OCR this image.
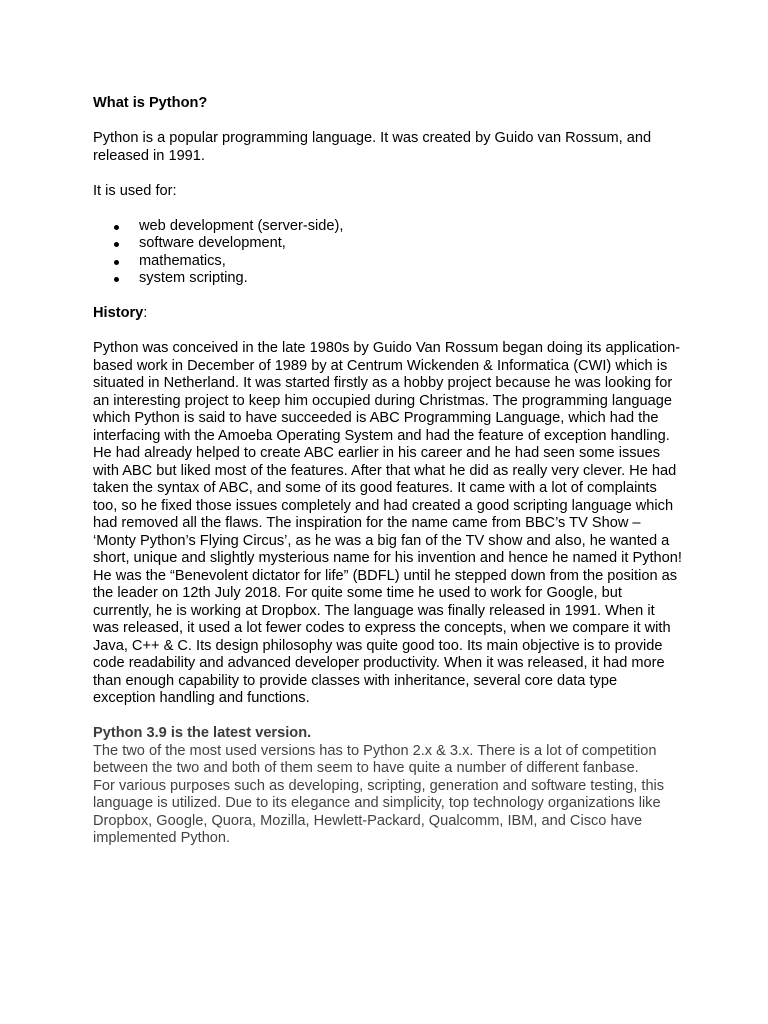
What is Python?

Python is a popular programming language. It was created by Guido van Rossum, and released in 1991.

It is used for:

web development (server-side),
software development,
mathematics,
system scripting.

History:

Python was conceived in the late 1980s by Guido Van Rossum began doing its application-based work in December of 1989 by at Centrum Wickenden & Informatica (CWI) which is situated in Netherland. It was started firstly as a hobby project because he was looking for an interesting project to keep him occupied during Christmas. The programming language which Python is said to have succeeded is ABC Programming Language, which had the interfacing with the Amoeba Operating System and had the feature of exception handling. He had already helped to create ABC earlier in his career and he had seen some issues with ABC but liked most of the features. After that what he did as really very clever. He had taken the syntax of ABC, and some of its good features. It came with a lot of complaints too, so he fixed those issues completely and had created a good scripting language which had removed all the flaws. The inspiration for the name came from BBC’s TV Show – ‘Monty Python’s Flying Circus’, as he was a big fan of the TV show and also, he wanted a short, unique and slightly mysterious name for his invention and hence he named it Python! He was the “Benevolent dictator for life” (BDFL) until he stepped down from the position as the leader on 12th July 2018. For quite some time he used to work for Google, but currently, he is working at Dropbox. The language was finally released in 1991. When it was released, it used a lot fewer codes to express the concepts, when we compare it with Java, C++ & C. Its design philosophy was quite good too. Its main objective is to provide code readability and advanced developer productivity. When it was released, it had more than enough capability to provide classes with inheritance, several core data type exception handling and functions.

Python 3.9 is the latest version.

The two of the most used versions has to Python 2.x & 3.x. There is a lot of competition between the two and both of them seem to have quite a number of different fanbase.

For various purposes such as developing, scripting, generation and software testing, this language is utilized. Due to its elegance and simplicity, top technology organizations like Dropbox, Google, Quora, Mozilla, Hewlett-Packard, Qualcomm, IBM, and Cisco have implemented Python.
